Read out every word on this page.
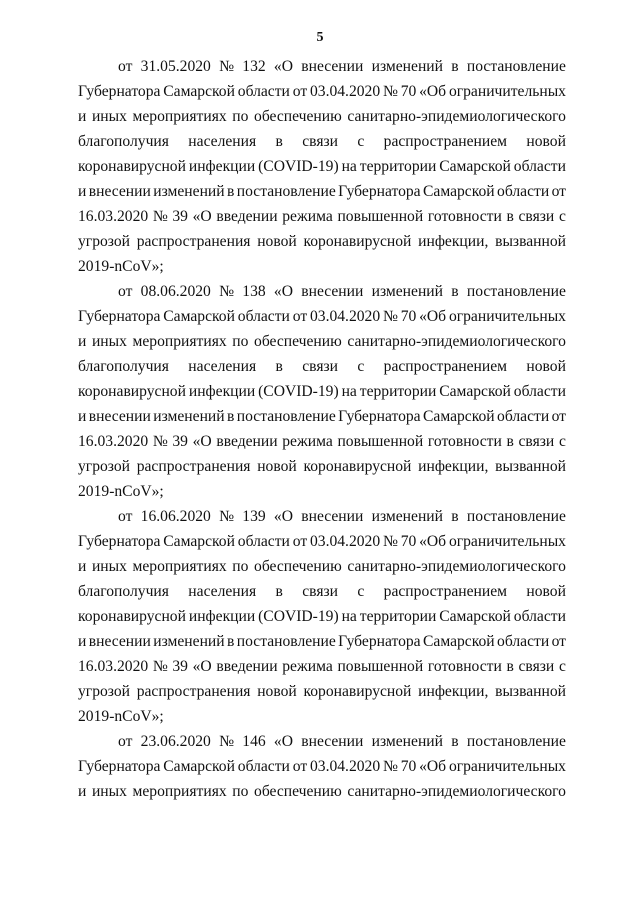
5
от 31.05.2020 № 132 «О внесении изменений в постановление
Губернатора Самарской области от 03.04.2020 № 70 «Об ограничительных
и иных мероприятиях по обеспечению санитарно-эпидемиологического
благополучия населения в связи с распространением новой
коронавирусной инфекции (COVID-19) на территории Самарской области
и внесении изменений в постановление Губернатора Самарской области от
16.03.2020 № 39 «О введении режима повышенной готовности в связи с
угрозой распространения новой коронавирусной инфекции, вызванной
2019-nCoV»;
от 08.06.2020 № 138 «О внесении изменений в постановление
Губернатора Самарской области от 03.04.2020 № 70 «Об ограничительных
и иных мероприятиях по обеспечению санитарно-эпидемиологического
благополучия населения в связи с распространением новой
коронавирусной инфекции (COVID-19) на территории Самарской области
и внесении изменений в постановление Губернатора Самарской области от
16.03.2020 № 39 «О введении режима повышенной готовности в связи с
угрозой распространения новой коронавирусной инфекции, вызванной
2019-nCoV»;
от 16.06.2020 № 139 «О внесении изменений в постановление
Губернатора Самарской области от 03.04.2020 № 70 «Об ограничительных
и иных мероприятиях по обеспечению санитарно-эпидемиологического
благополучия населения в связи с распространением новой
коронавирусной инфекции (COVID-19) на территории Самарской области
и внесении изменений в постановление Губернатора Самарской области от
16.03.2020 № 39 «О введении режима повышенной готовности в связи с
угрозой распространения новой коронавирусной инфекции, вызванной
2019-nCoV»;
от 23.06.2020 № 146 «О внесении изменений в постановление
Губернатора Самарской области от 03.04.2020 № 70 «Об ограничительных
и иных мероприятиях по обеспечению санитарно-эпидемиологического
